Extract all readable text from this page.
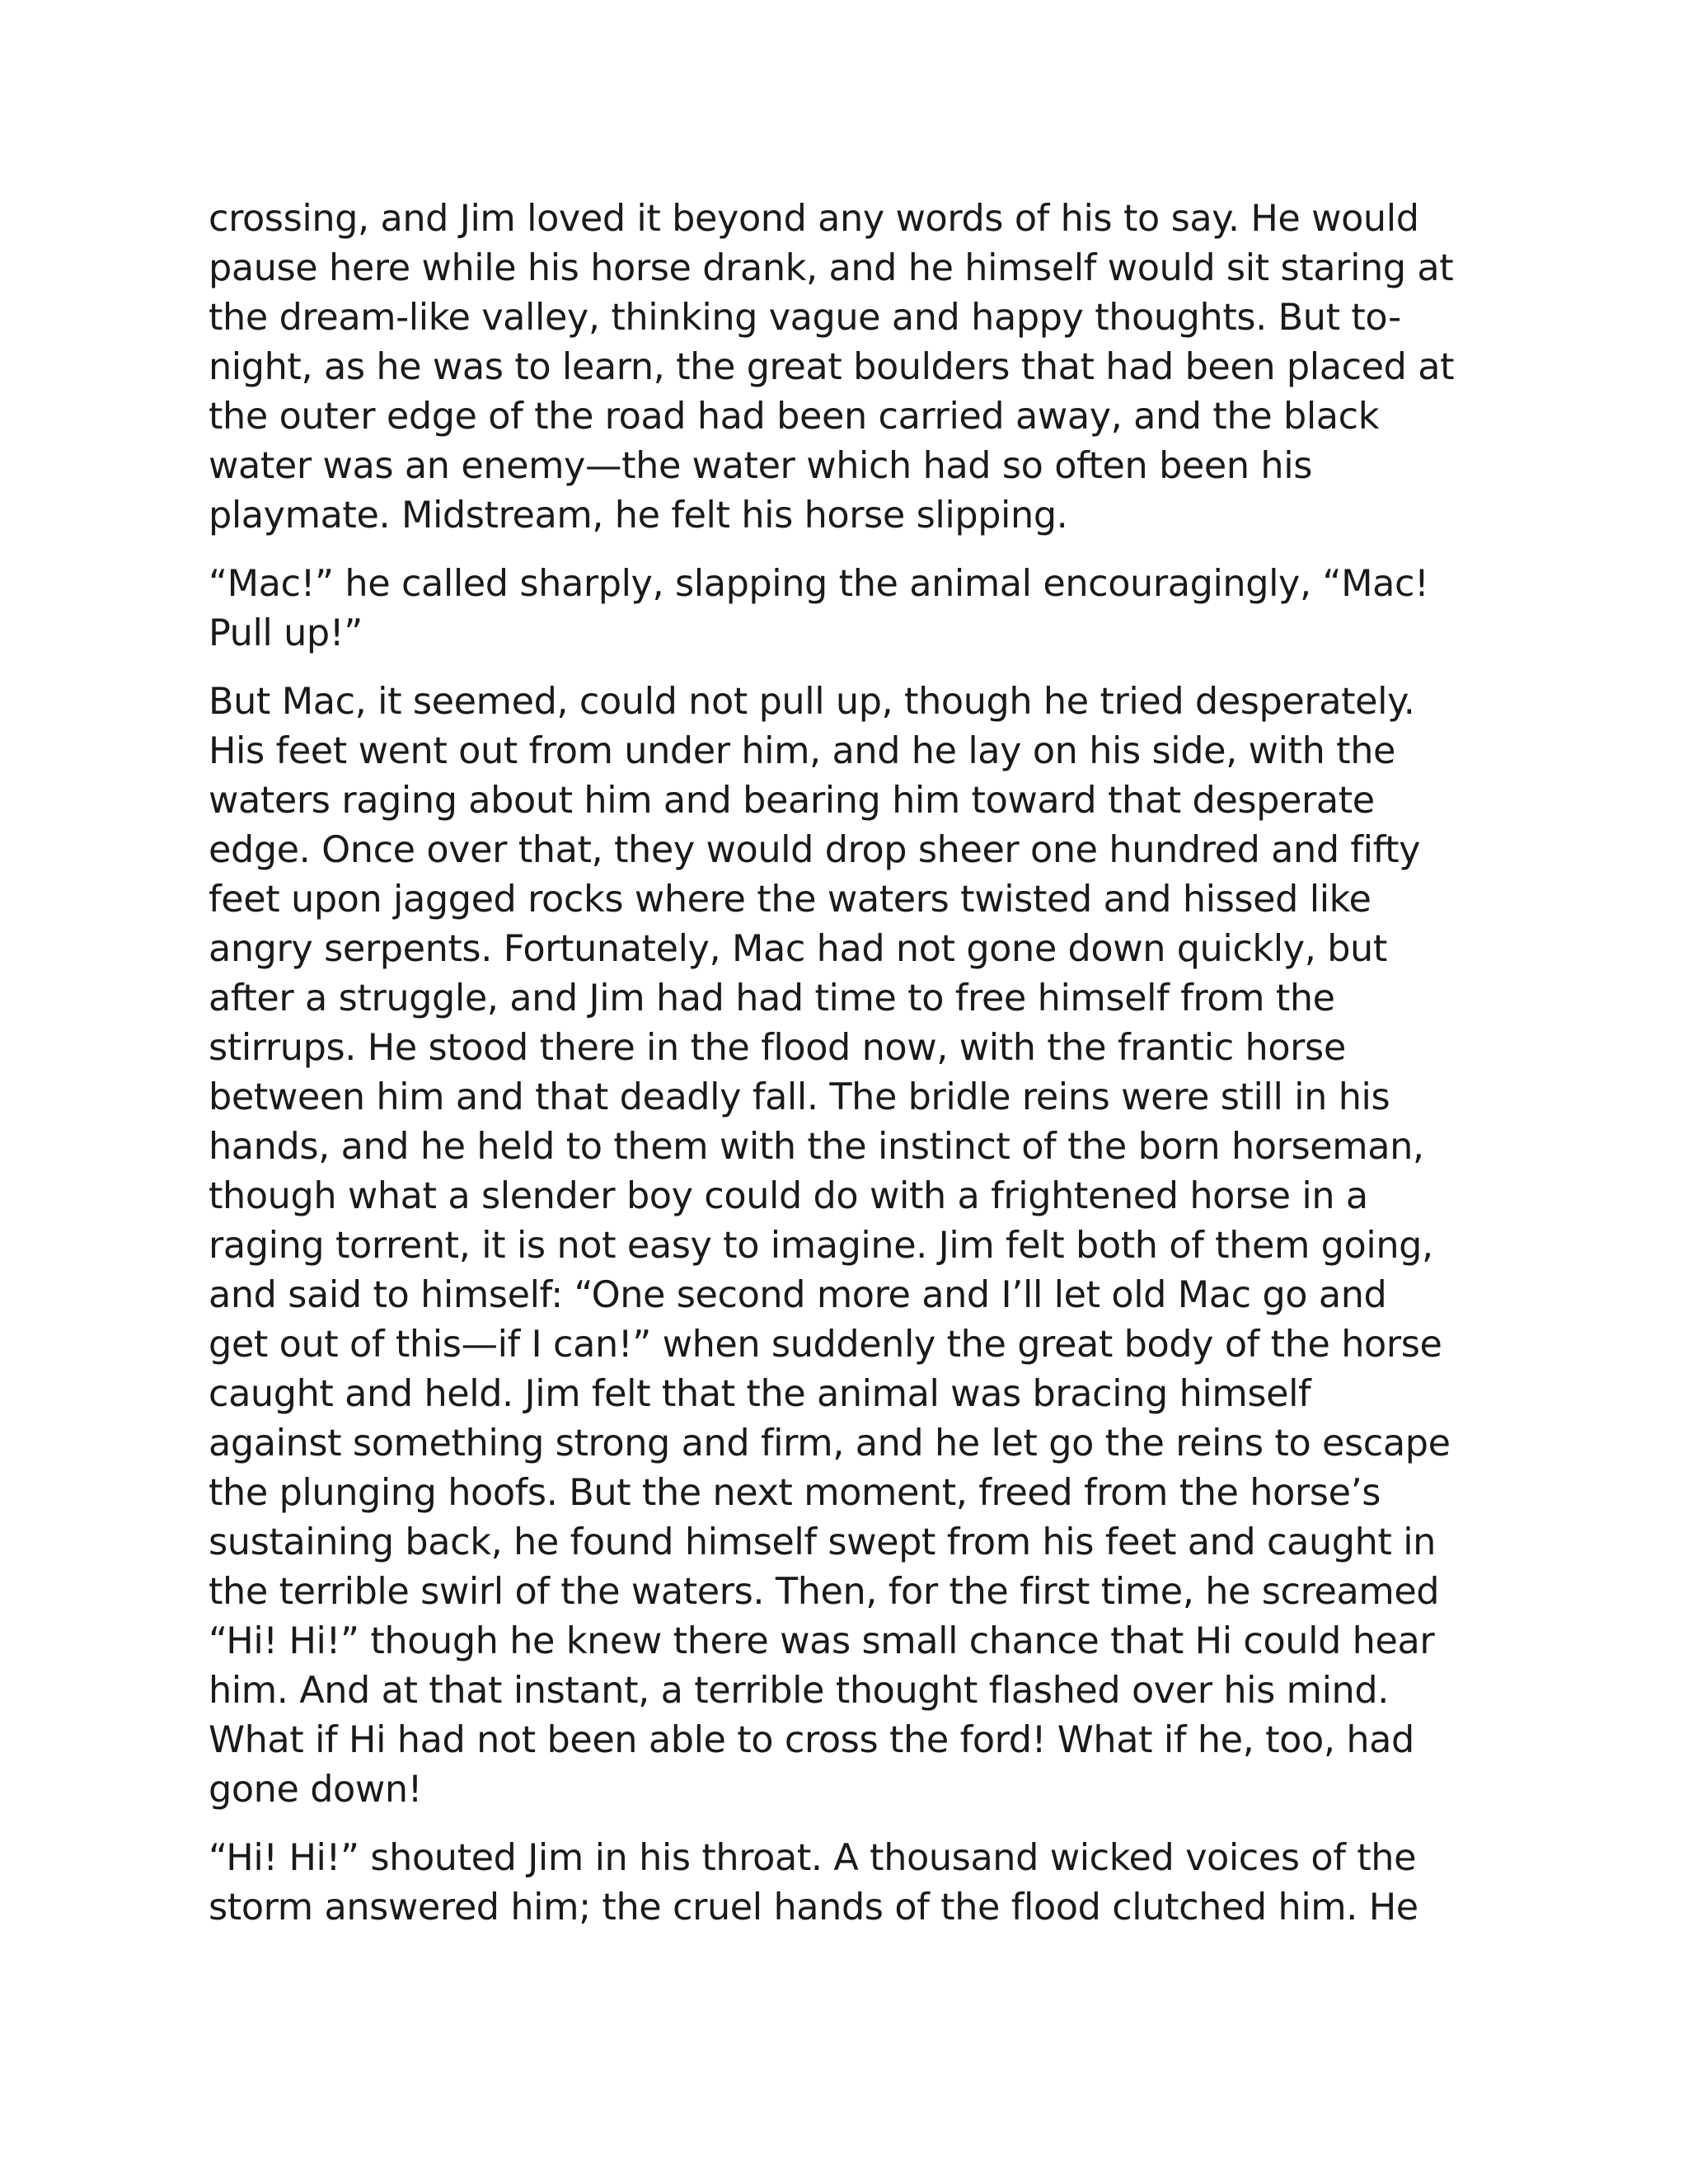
crossing, and Jim loved it beyond any words of his to say. He would
pause here while his horse drank, and he himself would sit staring at
the dream-like valley, thinking vague and happy thoughts. But to-
night, as he was to learn, the great boulders that had been placed at
the outer edge of the road had been carried away, and the black
water was an enemy—the water which had so often been his
playmate. Midstream, he felt his horse slipping.
“Mac!” he called sharply, slapping the animal encouragingly, “Mac!
Pull up!”
But Mac, it seemed, could not pull up, though he tried desperately.
His feet went out from under him, and he lay on his side, with the
waters raging about him and bearing him toward that desperate
edge. Once over that, they would drop sheer one hundred and fifty
feet upon jagged rocks where the waters twisted and hissed like
angry serpents. Fortunately, Mac had not gone down quickly, but
after a struggle, and Jim had had time to free himself from the
stirrups. He stood there in the flood now, with the frantic horse
between him and that deadly fall. The bridle reins were still in his
hands, and he held to them with the instinct of the born horseman,
though what a slender boy could do with a frightened horse in a
raging torrent, it is not easy to imagine. Jim felt both of them going,
and said to himself: “One second more and I’ll let old Mac go and
get out of this—if I can!” when suddenly the great body of the horse
caught and held. Jim felt that the animal was bracing himself
against something strong and firm, and he let go the reins to escape
the plunging hoofs. But the next moment, freed from the horse’s
sustaining back, he found himself swept from his feet and caught in
the terrible swirl of the waters. Then, for the first time, he screamed
“Hi! Hi!” though he knew there was small chance that Hi could hear
him. And at that instant, a terrible thought flashed over his mind.
What if Hi had not been able to cross the ford! What if he, too, had
gone down!
“Hi! Hi!” shouted Jim in his throat. A thousand wicked voices of the
storm answered him; the cruel hands of the flood clutched him. He
